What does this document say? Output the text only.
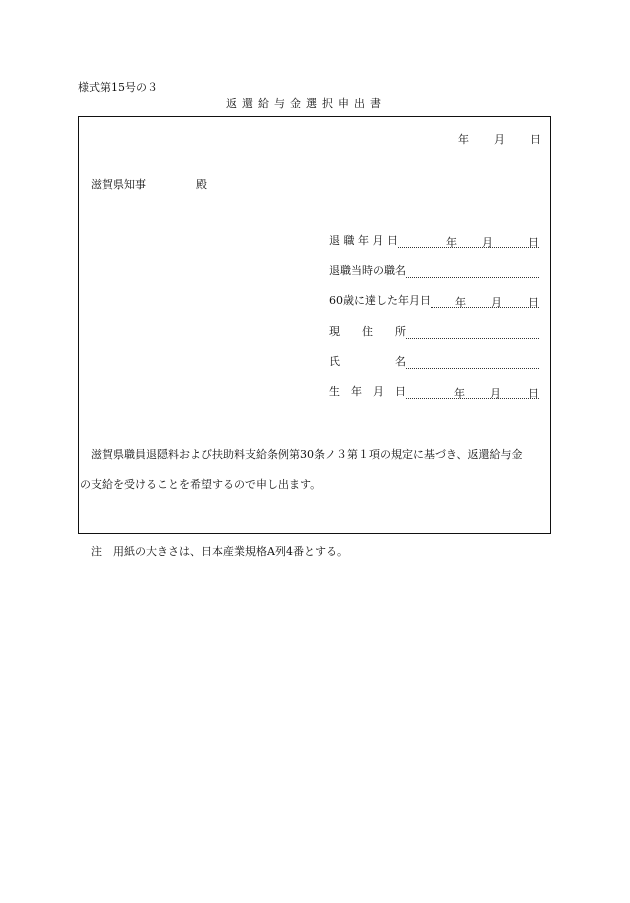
様式第15号の３
返還給与金選択申出書
年 月 日
滋賀県知事	殿
退 職 年 月 日	年 月	日
退職当時の職名
60歳に達した年月日 年 月 日
現　　住　　所
氏　　　　　名
生　年　月　日	年 月 日
滋賀県職員退隠料および扶助料支給条例第30条ノ３第１項の規定に基づき、返還給与金
の支給を受けることを希望するので申し出ます。
注　用紙の大きさは、日本産業規格A列4番とする。
